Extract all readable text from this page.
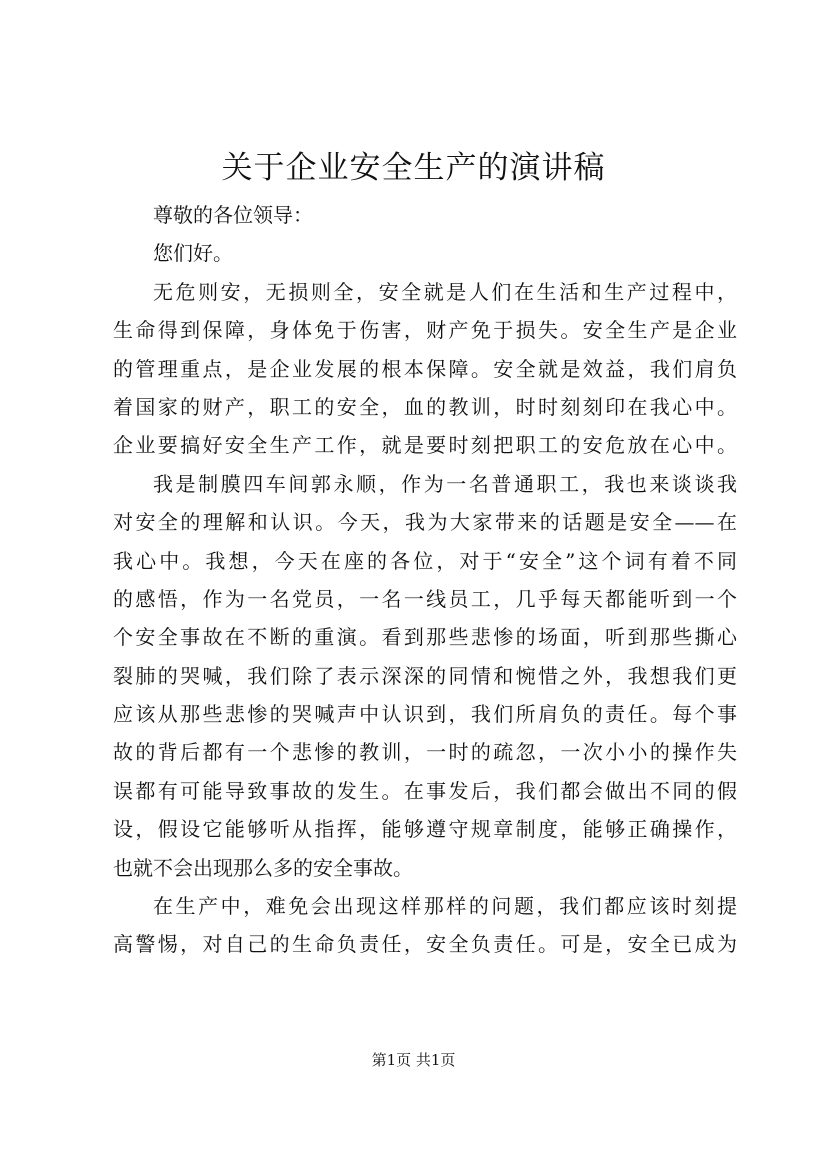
关于企业安全生产的演讲稿
尊敬的各位领导：
您们好。
无危则安，无损则全，安全就是人们在生活和生产过程中，
生命得到保障，身体免于伤害，财产免于损失。安全生产是企业
的管理重点，是企业发展的根本保障。安全就是效益，我们肩负
着国家的财产，职工的安全，血的教训，时时刻刻印在我心中。
企业要搞好安全生产工作，就是要时刻把职工的安危放在心中。
我是制膜四车间郭永顺，作为一名普通职工，我也来谈谈我
对安全的理解和认识。今天，我为大家带来的话题是安全——在
我心中。我想，今天在座的各位，对于“安全”这个词有着不同
的感悟，作为一名党员，一名一线员工，几乎每天都能听到一个
个安全事故在不断的重演。看到那些悲惨的场面，听到那些撕心
裂肺的哭喊，我们除了表示深深的同情和惋惜之外，我想我们更
应该从那些悲惨的哭喊声中认识到，我们所肩负的责任。每个事
故的背后都有一个悲惨的教训，一时的疏忽，一次小小的操作失
误都有可能导致事故的发生。在事发后，我们都会做出不同的假
设，假设它能够听从指挥，能够遵守规章制度，能够正确操作，
也就不会出现那么多的安全事故。
在生产中，难免会出现这样那样的问题，我们都应该时刻提
高警惕，对自己的生命负责任，安全负责任。可是，安全已成为
第1页 共1页
